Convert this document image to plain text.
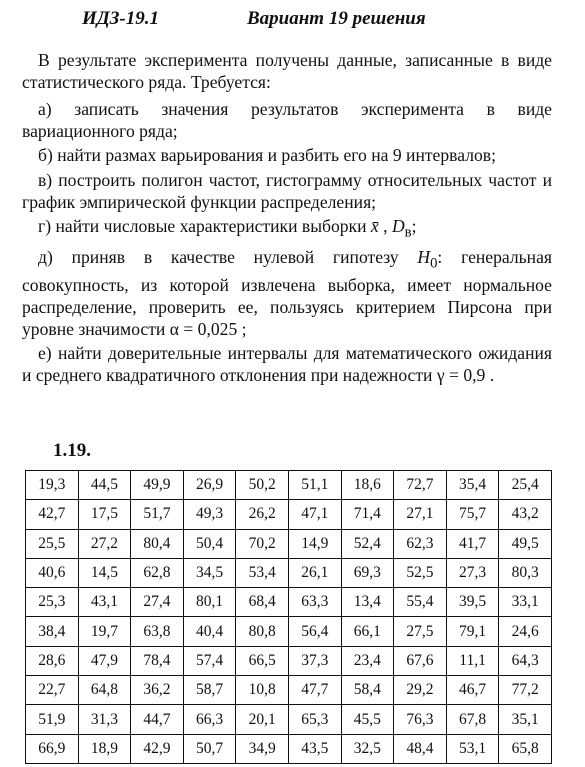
ИДЗ-19.1	Вариант 19 решения

В результате эксперимента получены данные, записанные в виде статистического ряда. Требуется:

а) записать значения результатов эксперимента в виде вариационного ряда;

б) найти размах варьирования и разбить его на 9 интервалов;

в) построить полигон частот, гистограмму относительных частот и график эмпирической функции распределения;

г) найти числовые характеристики выборки x̄ , $D_в$;

д) приняв в качестве нулевой гипотезу $H_0$: генеральная совокупность, из которой извлечена выборка, имеет нормальное распределение, проверить ее, пользуясь критерием Пирсона при уровне значимости α = 0,025 ;

е) найти доверительные интервалы для математического ожидания и среднего квадратичного отклонения при надежности γ = 0,9 .

1.19.
19,3	44,5	49,9	26,9	50,2	51,1	18,6	72,7	35,4	25,4
42,7	17,5	51,7	49,3	26,2	47,1	71,4	27,1	75,7	43,2
25,5	27,2	80,4	50,4	70,2	14,9	52,4	62,3	41,7	49,5
40,6	14,5	62,8	34,5	53,4	26,1	69,3	52,5	27,3	80,3
25,3	43,1	27,4	80,1	68,4	63,3	13,4	55,4	39,5	33,1
38,4	19,7	63,8	40,4	80,8	56,4	66,1	27,5	79,1	24,6
28,6	47,9	78,4	57,4	66,5	37,3	23,4	67,6	11,1	64,3
22,7	64,8	36,2	58,7	10,8	47,7	58,4	29,2	46,7	77,2
51,9	31,3	44,7	66,3	20,1	65,3	45,5	76,3	67,8	35,1
66,9	18,9	42,9	50,7	34,9	43,5	32,5	48,4	53,1	65,8
